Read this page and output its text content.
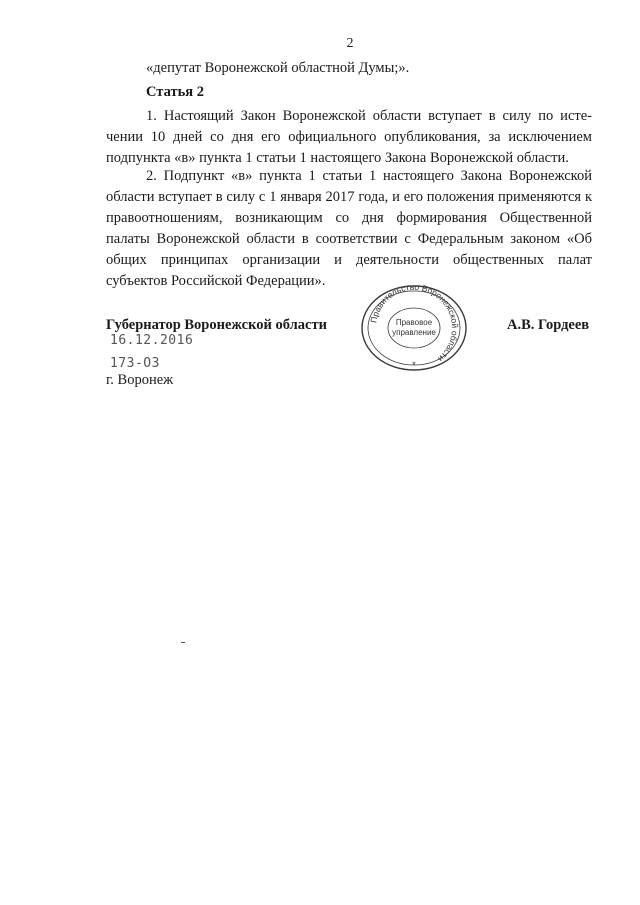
2
«депутат Воронежской областной Думы;».
Статья 2

1. Настоящий Закон Воронежской области вступает в силу по истечении 10 дней со дня его официального опубликования, за исключением подпункта «в» пункта 1 статьи 1 настоящего Закона Воронежской области.

2. Подпункт «в» пункта 1 статьи 1 настоящего Закона Воронежской области вступает в силу с 1 января 2017 года, и его положения применяются к правоотношениям, возникающим со дня формирования Общественной палаты Воронежской области в соответствии с Федеральным законом «Об общих принципах организации и деятельности общественных палат субъектов Российской Федерации».

Губернатор Воронежской области	Правительство Воронежской области
Правовое
управление
*
А.В. Гордеев
16.12.2016
173-ОЗ
г. Воронеж
